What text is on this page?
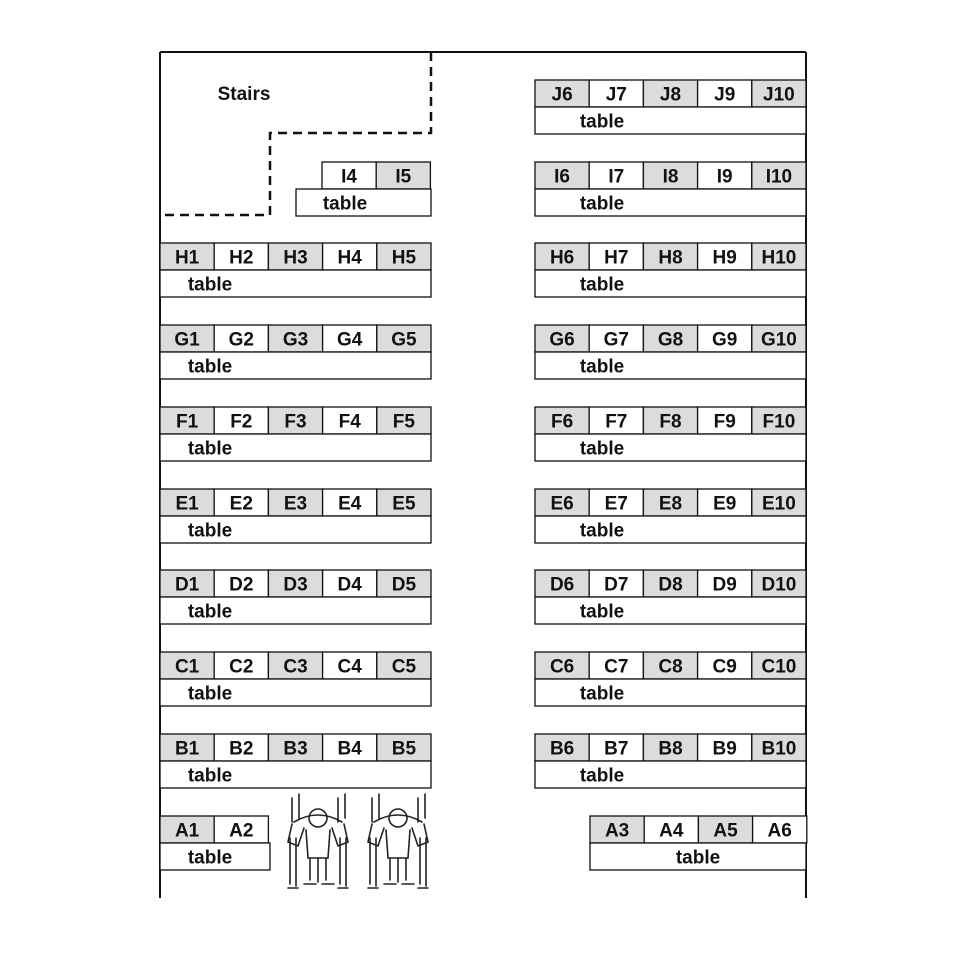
Stairs	J6 J7 J8 J9 J10
table
I4 I5
table
I6 I7 I8 I9 I10
table
H1 H2 H3 H4 H5
table
H6 H7 H8 H9 H10
table
G1 G2 G3 G4 G5
table
G6 G7 G8 G9 G10
table
F1 F2 F3 F4 F5
table
F6 F7 F8 F9 F10
table
E1 E2 E3 E4 E5
table
E6 E7 E8 E9 E10
table
D1 D2 D3 D4 D5
table
D6 D7 D8 D9 D10
table
C1 C2 C3 C4 C5
table
C6 C7 C8 C9 C10
table
B1 B2 B3 B4 B5
table
B6 B7 B8 B9 B10
table
A1 A2
table
A3 A4 A5 A6
table
